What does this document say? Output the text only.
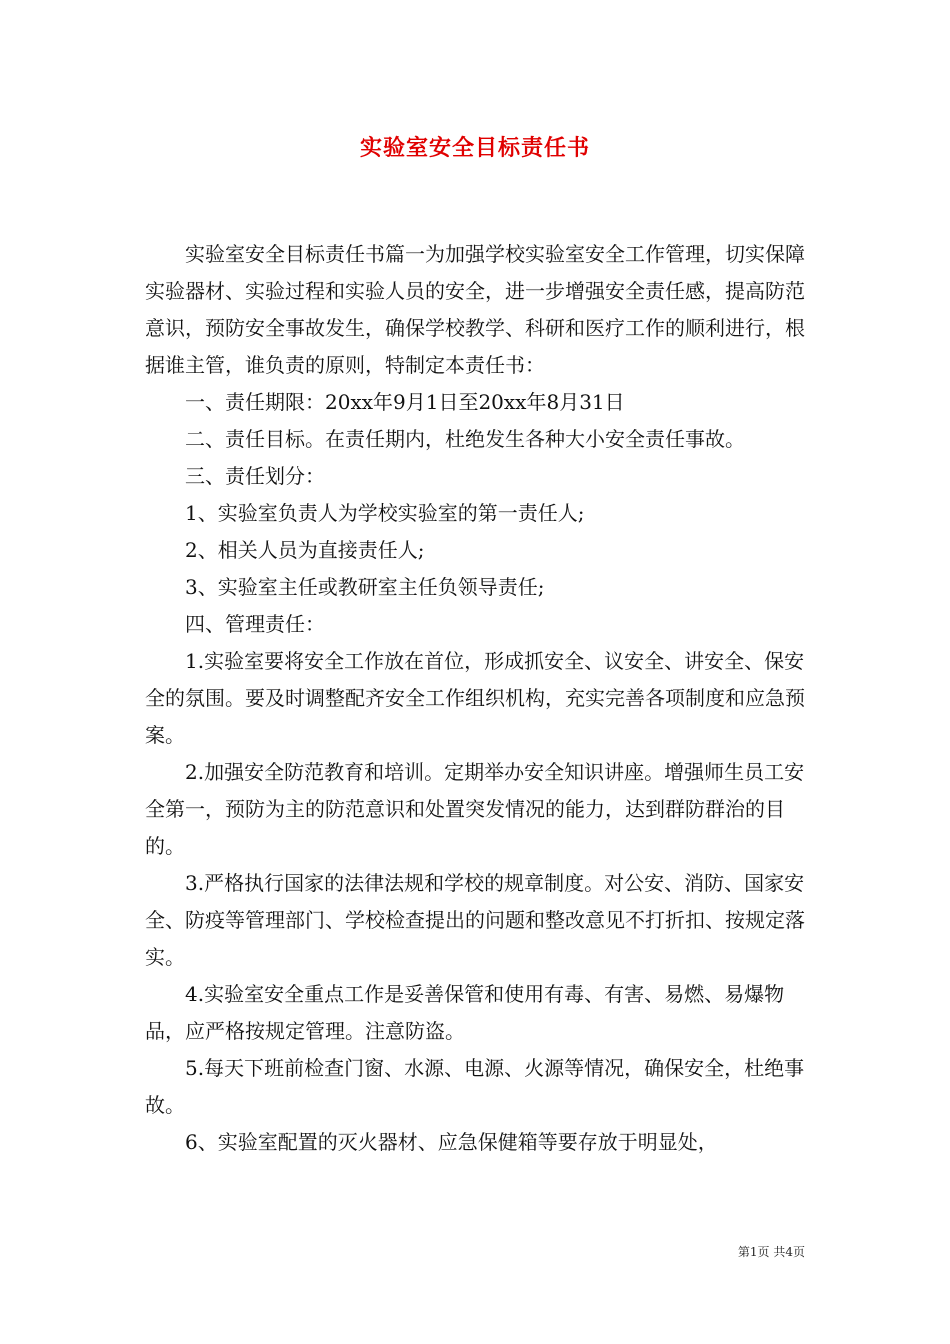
实验室安全目标责任书

实验室安全目标责任书篇一为加强学校实验室安全工作管理，切实保障实验器材、实验过程和实验人员的安全，进一步增强安全责任感，提高防范意识，预防安全事故发生，确保学校教学、科研和医疗工作的顺利进行，根据谁主管，谁负责的原则，特制定本责任书：

一、责任期限：20xx年9月1日至20xx年8月31日

二、责任目标。在责任期内，杜绝发生各种大小安全责任事故。

三、责任划分：

1、实验室负责人为学校实验室的第一责任人;

2、相关人员为直接责任人;

3、实验室主任或教研室主任负领导责任;

四、管理责任：

1.实验室要将安全工作放在首位，形成抓安全、议安全、讲安全、保安全的氛围。要及时调整配齐安全工作组织机构，充实完善各项制度和应急预案。

2.加强安全防范教育和培训。定期举办安全知识讲座。增强师生员工安全第一，预防为主的防范意识和处置突发情况的能力，达到群防群治的目的。

3.严格执行国家的法律法规和学校的规章制度。对公安、消防、国家安全、防疫等管理部门、学校检查提出的问题和整改意见不打折扣、按规定落实。

4.实验室安全重点工作是妥善保管和使用有毒、有害、易燃、易爆物品，应严格按规定管理。注意防盗。

5.每天下班前检查门窗、水源、电源、火源等情况，确保安全，杜绝事故。

6、实验室配置的灭火器材、应急保健箱等要存放于明显处，

第1页 共4页
